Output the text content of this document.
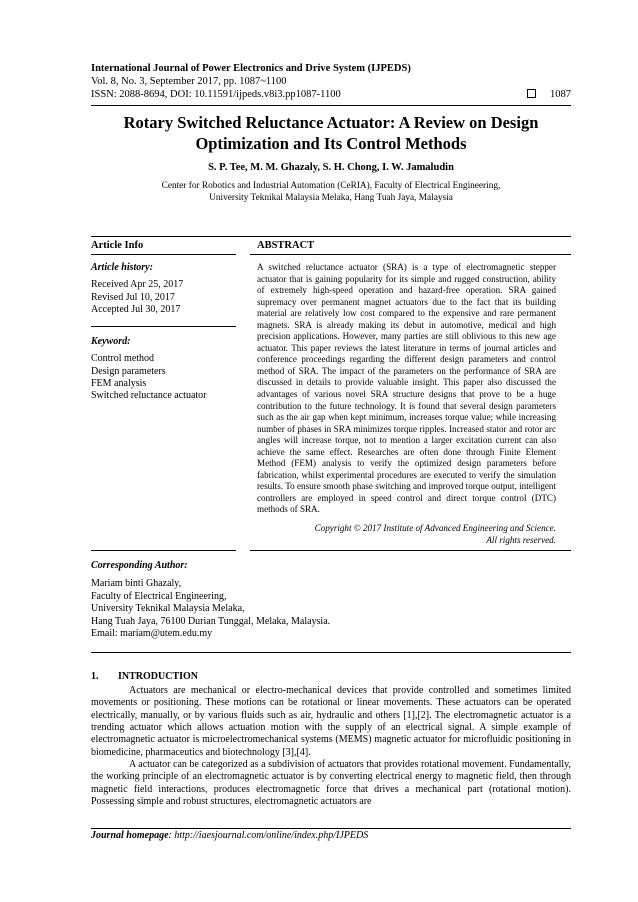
International Journal of Power Electronics and Drive System (IJPEDS)
Vol. 8, No. 3, September 2017, pp. 1087~1100
ISSN: 2088-8694, DOI: 10.11591/ijpeds.v8i3.pp1087-1100	1087
Rotary Switched Reluctance Actuator: A Review on Design
Optimization and Its Control Methods
S. P. Tee, M. M. Ghazaly, S. H. Chong, I. W. Jamaludin
Center for Robotics and Industrial Automation (CeRIA), Faculty of Electrical Engineering,
University Teknikal Malaysia Melaka, Hang Tuah Jaya, Malaysia
Article Info	ABSTRACT
Article history:
Received Apr 25, 2017
Revised Jul 10, 2017
Accepted Jul 30, 2017
Keyword:
Control method
Design parameters
FEM analysis
Switched reluctance actuator
A switched reluctance actuator (SRA) is a type of electromagnetic stepper actuator that is gaining popularity for its simple and rugged construction, ability of extremely high-speed operation and hazard-free operation. SRA gained supremacy over permanent magnet actuators due to the fact that its building material are relatively low cost compared to the expensive and rare permanent magnets. SRA is already making its debut in automotive, medical and high precision applications. However, many parties are still oblivious to this new age actuator. This paper reviews the latest literature in terms of journal articles and conference proceedings regarding the different design parameters and control method of SRA. The impact of the parameters on the performance of SRA are discussed in details to provide valuable insight. This paper also discussed the advantages of various novel SRA structure designs that prove to be a huge contribution to the future technology. It is found that several design parameters such as the air gap when kept minimum, increases torque value; while increasing number of phases in SRA minimizes torque ripples. Increased stator and rotor arc angles will increase torque, not to mention a larger excitation current can also achieve the same effect. Researches are often done through Finite Element Method (FEM) analysis to verify the optimized design parameters before fabrication, whilst experimental procedures are executed to verify the simulation results. To ensure smooth phase switching and improved torque output, intelligent controllers are employed in speed control and direct torque control (DTC) methods of SRA.
Copyright © 2017 Institute of Advanced Engineering and Science.
All rights reserved.
Corresponding Author:
Mariam binti Ghazaly,
Faculty of Electrical Engineering,
University Teknikal Malaysia Melaka,
Hang Tuah Jaya, 76100 Durian Tunggal, Melaka, Malaysia.
Email: mariam@utem.edu.my
1. INTRODUCTION

Actuators are mechanical or electro-mechanical devices that provide controlled and sometimes limited movements or positioning. These motions can be rotational or linear movements. These actuators can be operated electrically, manually, or by various fluids such as air, hydraulic and others [1],[2]. The electromagnetic actuator is a trending actuator which allows actuation motion with the supply of an electrical signal. A simple example of electromagnetic actuator is microelectromechanical systems (MEMS) magnetic actuator for microfluidic positioning in biomedicine, pharmaceutics and biotechnology [3],[4].

A actuator can be categorized as a subdivision of actuators that provides rotational movement. Fundamentally, the working principle of an electromagnetic actuator is by converting electrical energy to magnetic field, then through magnetic field interactions, produces electromagnetic force that drives a mechanical part (rotational motion). Possessing simple and robust structures, electromagnetic actuators are

Journal homepage: http://iaesjournal.com/online/index.php/IJPEDS
